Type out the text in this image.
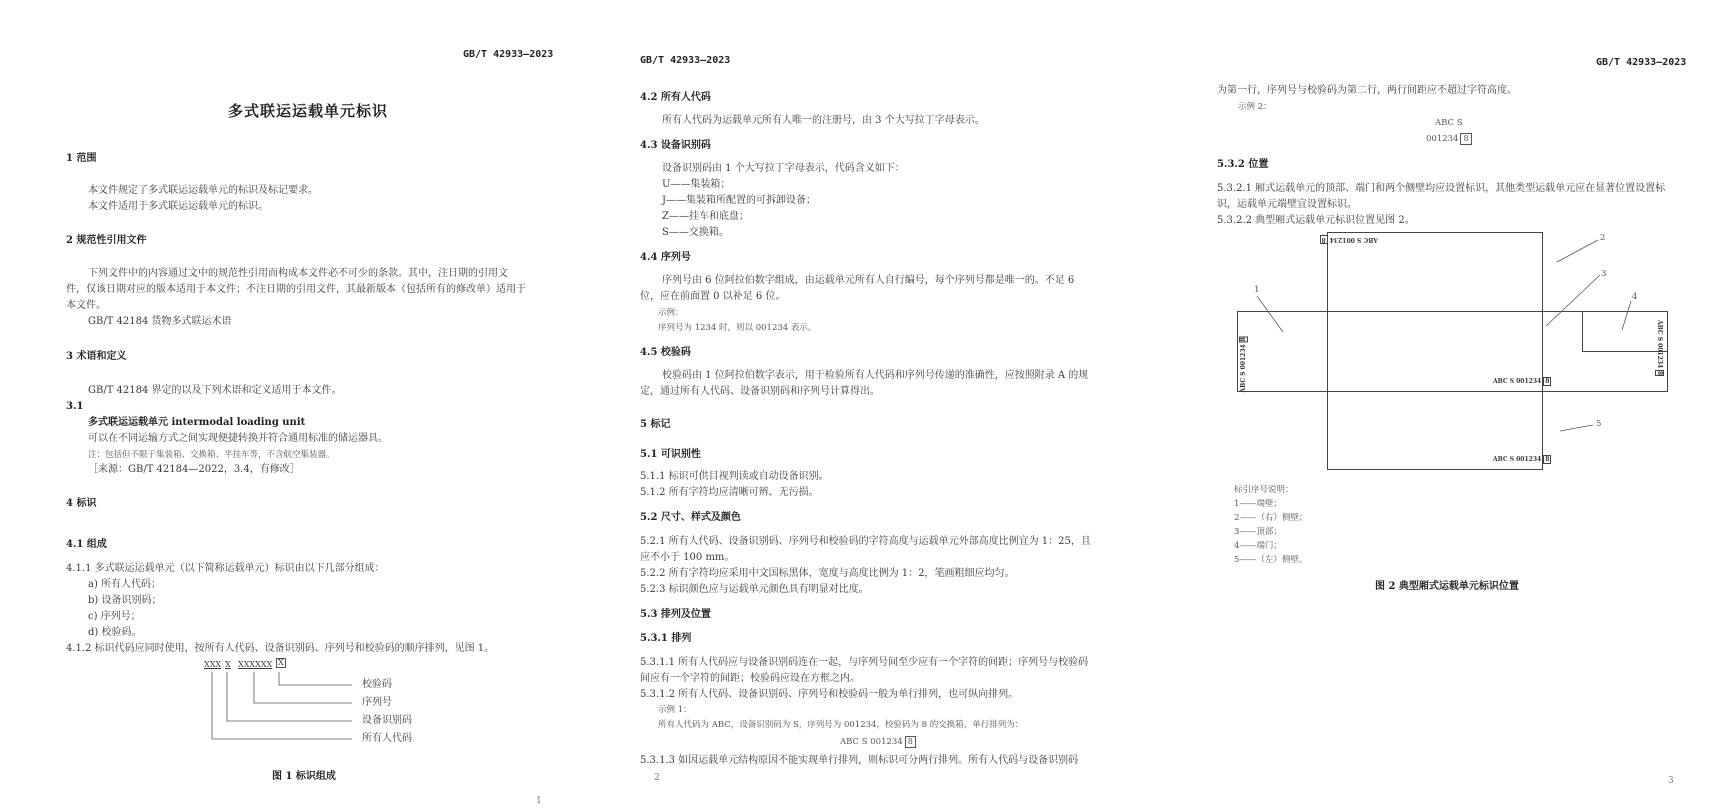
GB/T 42933—2023
多式联运运载单元标识
1 范围
本文件规定了多式联运运载单元的标识及标记要求。
本文件适用于多式联运运载单元的标识。
2 规范性引用文件
下列文件中的内容通过文中的规范性引用而构成本文件必不可少的条款。其中，注日期的引用文
件，仅该日期对应的版本适用于本文件；不注日期的引用文件，其最新版本（包括所有的修改单）适用于
本文件。
GB/T 42184 货物多式联运术语
3 术语和定义
GB/T 42184 界定的以及下列术语和定义适用于本文件。
3.1
多式联运运载单元 intermodal loading unit
可以在不同运输方式之间实现便捷转换并符合通用标准的储运器具。
注：包括但不限于集装箱、交换箱、半挂车等，不含航空集装器。
［来源：GB/T 42184—2022，3.4，有修改］
4 标识
4.1 组成
4.1.1 多式联运运载单元（以下简称运载单元）标识由以下几部分组成：
a) 所有人代码；
b) 设备识别码；
c) 序列号；
d) 校验码。
4.1.2 标识代码应同时使用，按所有人代码、设备识别码、序列号和校验码的顺序排列，见图 1。
XXX X XXXXXX X
校验码
序列号
设备识别码
所有人代码
图 1 标识组成
1
GB/T 42933—2023
4.2 所有人代码
所有人代码为运载单元所有人唯一的注册号，由 3 个大写拉丁字母表示。
4.3 设备识别码
设备识别码由 1 个大写拉丁字母表示，代码含义如下：
U——集装箱；
J——集装箱所配置的可拆卸设备；
Z——挂车和底盘；
S——交换箱。
4.4 序列号
序列号由 6 位阿拉伯数字组成，由运载单元所有人自行编号，每个序列号都是唯一的。不足 6
位，应在前面置 0 以补足 6 位。
示例：
序列号为 1234 时，则以 001234 表示。
4.5 校验码
校验码由 1 位阿拉伯数字表示，用于检验所有人代码和序列号传递的准确性，应按照附录 A 的规
定，通过所有人代码、设备识别码和序列号计算得出。
5 标记
5.1 可识别性
5.1.1 标识可供目视判读或自动设备识别。
5.1.2 所有字符均应清晰可辨、无污损。
5.2 尺寸、样式及颜色
5.2.1 所有人代码、设备识别码、序列号和校验码的字符高度与运载单元外部高度比例宜为 1：25，且
应不小于 100 mm。
5.2.2 所有字符均应采用中文国标黑体，宽度与高度比例为 1：2，笔画粗细应均匀。
5.2.3 标识颜色应与运载单元颜色具有明显对比度。
5.3 排列及位置
5.3.1 排列
5.3.1.1 所有人代码应与设备识别码连在一起，与序列号间至少应有一个字符的间距；序列号与校验码
间应有一个字符的间距；校验码应设在方框之内。
5.3.1.2 所有人代码、设备识别码、序列号和校验码一般为单行排列，也可纵向排列。
示例 1：
所有人代码为 ABC，设备识别码为 S，序列号为 001234，校验码为 8 的交换箱，单行排列为：
ABC S 001234 8
5.3.1.3 如因运载单元结构原因不能实现单行排列，则标识可分两行排列。所有人代码与设备识别码
2
GB/T 42933—2023
为第一行，序列号与校验码为第二行，两行间距应不超过字符高度。
示例 2：
ABC S
001234 8
5.3.2 位置
5.3.2.1 厢式运载单元的顶部、端门和两个侧壁均应设置标识，其他类型运载单元应在显著位置设置标
识，运载单元端壁宜设置标识。
5.3.2.2 典型厢式运载单元标识位置见图 2。
ABC S 001234 8
ABC S 001234 8
ABC S 001234 8
ABC S 001234 8	ABC S 001234 8
1
2
3
4
5
标引序号说明：
1——端壁；
2——（右）侧壁；
3——顶部；
4——端门；
5——（左）侧壁。
图 2 典型厢式运载单元标识位置
3
